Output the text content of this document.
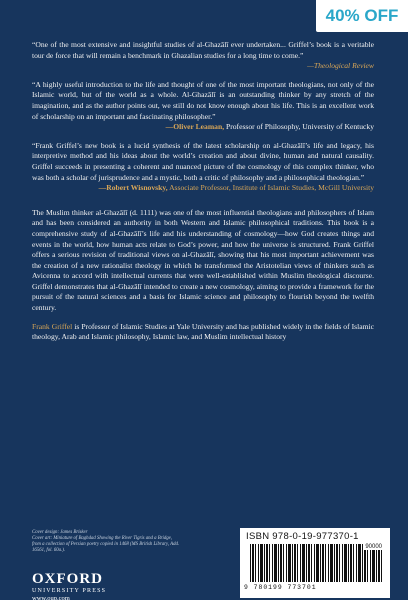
“One of the most extensive and insightful studies of al-Ghazālī ever undertaken... Griffel’s book is a veritable tour de force that will remain a benchmark in Ghazalian studies for a long time to come.”
—Theological Review

“A highly useful introduction to the life and thought of one of the most important theologians, not only of the Islamic world, but of the world as a whole. Al-Ghazālī is an outstanding thinker by any stretch of the imagination, and as the author points out, we still do not know enough about his life. This is an excellent work of scholarship on an important and fascinating philosopher.”
—Oliver Leaman, Professor of Philosophy, University of Kentucky

“Frank Griffel’s new book is a lucid synthesis of the latest scholarship on al-Ghazālī’s life and legacy, his interpretive method and his ideas about the world’s creation and about divine, human and natural causality. Griffel succeeds in presenting a coherent and nuanced picture of the cosmology of this complex thinker, who was both a scholar of jurisprudence and a mystic, both a critic of philosophy and a philosophical theologian.”
—Robert Wisnovsky, Associate Professor, Institute of Islamic Studies, McGill University

The Muslim thinker al-Ghazālī (d. 1111) was one of the most influential theologians and philosophers of Islam and has been considered an authority in both Western and Islamic philosophical traditions. This book is a comprehensive study of al-Ghazālī’s life and his understanding of cosmology—how God creates things and events in the world, how human acts relate to God’s power, and how the universe is structured. Frank Griffel offers a serious revision of traditional views on al-Ghazālī, showing that his most important achievement was the creation of a new rationalist theology in which he transformed the Aristotelian views of thinkers such as Avicenna to accord with intellectual currents that were well-established within Muslim theological discourse. Griffel demonstrates that al-Ghazālī intended to create a new cosmology, aiming to provide a framework for the pursuit of the natural sciences and a basis for Islamic science and philosophy to flourish beyond the twelfth century.

Frank Griffel is Professor of Islamic Studies at Yale University and has published widely in the fields of Islamic theology, Arab and Islamic philosophy, Islamic law, and Muslim intellectual history

Cover design: James Brisker
Cover art: Miniature of Baghdad Showing the River Tigris and a Bridge, from a collection of Persian poetry copied in 1468 (MS British Library, Add. 16561, fol. 60a.).
OXFORD
UNIVERSITY PRESS
www.oup.com
ISBN 978-0-19-977370-1
90000
9 780199 773701
40% OFF
